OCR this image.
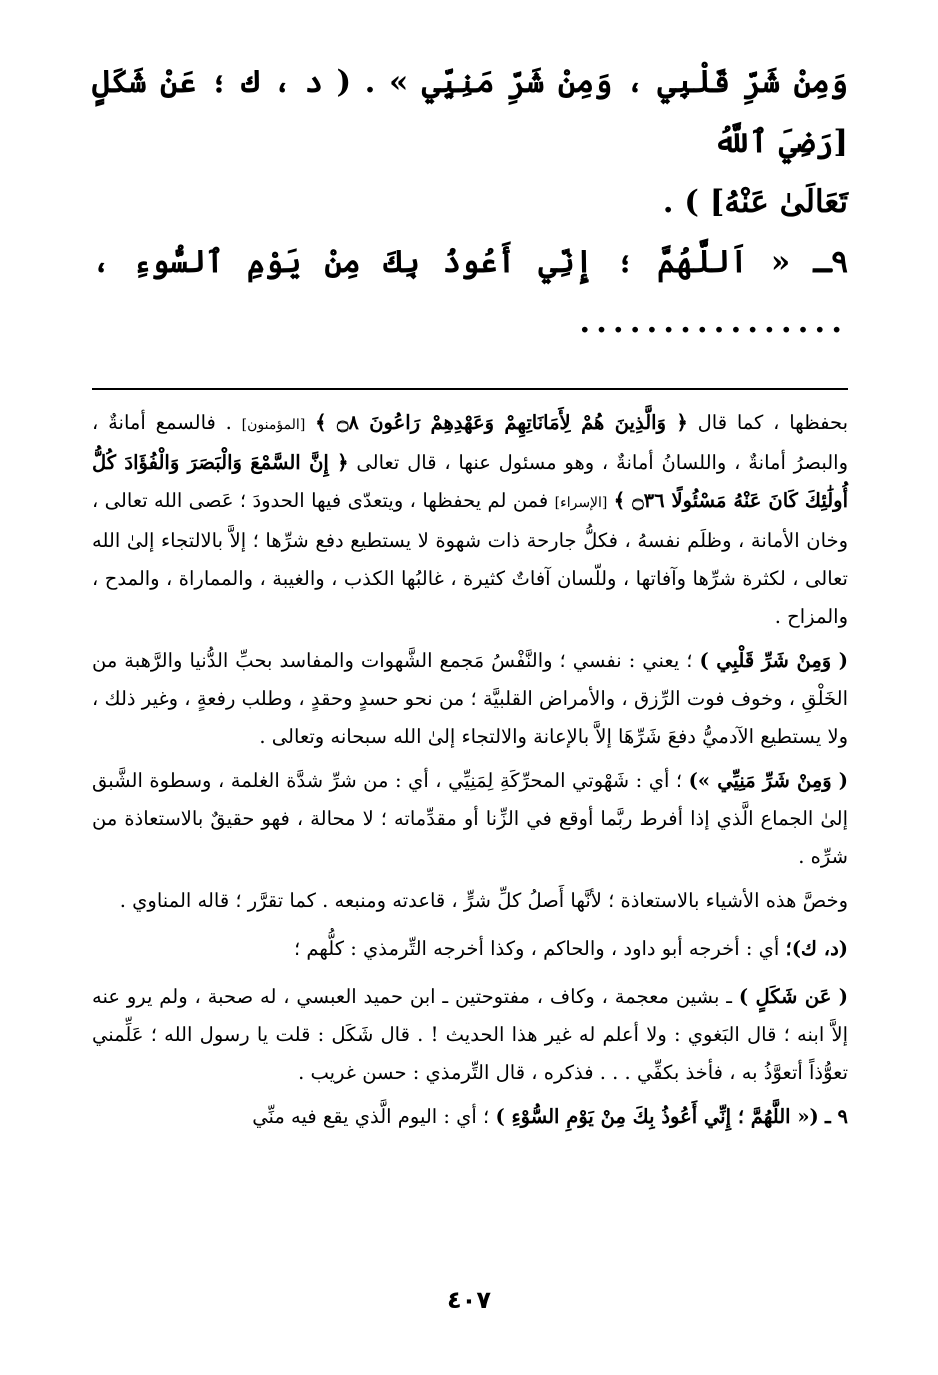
وَمِنْ شَرِّ قَلْبِي ، وَمِنْ شَرِّ مَنِيِّي » . ( د ، ك ؛ عَنْ شَكَلٍ [رَضِيَ ٱللَّهُ

تَعَالَىٰ عَنْهُ] ) .

٩ـ « اَللَّهُمَّ ؛ إِنِّي أَعُوذُ بِكَ مِنْ يَوْمِ ٱلسُّوءِ ، ................

بحفظها ، كما قال ﴿ وَالَّذِينَ هُمْ لِأَمَانَاتِهِمْ وَعَهْدِهِمْ رَاعُونَ ۝٨ ﴾ [المؤمنون] . فالسمع أمانةٌ ، والبصرُ أمانةٌ ، واللسانُ أمانةٌ ، وهو مسئول عنها ، قال تعالى ﴿ إِنَّ السَّمْعَ وَالْبَصَرَ وَالْفُؤَادَ كُلُّ أُولَٰئِكَ كَانَ عَنْهُ مَسْئُولًا ۝٣٦ ﴾ [الإسراء] فمن لم يحفظها ، ويتعدّى فيها الحدودَ ؛ عَصى الله تعالى ، وخان الأمانة ، وظلَم نفسهُ ، فكلُّ جارحة ذات شهوة لا يستطيع دفع شرِّها ؛ إلاَّ بالالتجاء إلىٰ الله تعالى ، لكثرة شرِّها وآفاتها ، وللّسان آفاتٌ كثيرة ، غالبُها الكذب ، والغيبة ، والمماراة ، والمدح ، والمزاح .

( وَمِنْ شَرِّ قَلْبِي ) ؛ يعني : نفسي ؛ والنَّفْسُ مَجمع الشَّهوات والمفاسد بحبِّ الدُّنيا والرَّهبة من الخَلْقِ ، وخوف فوت الرِّزق ، والأمراض القلبيَّة ؛ من نحو حسدٍ وحقدٍ ، وطلب رفعةٍ ، وغير ذلك ، ولا يستطيع الآدميُّ دفعَ شَرِّهَا إلاَّ بالإعانة والالتجاء إلىٰ الله سبحانه وتعالى .

( وَمِنْ شَرِّ مَنِيِّي ») ؛ أي : شَهْوتي المحرِّكَةِ لِمَنِيِّي ، أي : من شرِّ شدَّة الغلمة ، وسطوة الشَّبق إلىٰ الجماع الَّذي إذا أفرط ربَّما أوقع في الزِّنا أو مقدِّماته ؛ لا محالة ، فهو حقيقٌ بالاستعاذة من شرِّه .

وخصَّ هذه الأشياء بالاستعاذة ؛ لأنَّها أَصلُ كلِّ شرٍّ ، قاعدته ومنبعه . كما تقرَّر ؛ قاله المناوي .

(د، ك)؛ أي : أخرجه أبو داود ، والحاكم ، وكذا أخرجه التِّرمذي : كلُّهم ؛

( عَن شَكَلٍ ) ـ بشين معجمة ، وكاف ، مفتوحتين ـ ابن حميد العبسي ، له صحبة ، ولم يرو عنه إلاَّ ابنه ؛ قال البَغوي : ولا أعلم له غير هذا الحديث ! . قال شَكَل : قلت يا رسول الله ؛ عَلِّمني تعوُّذاً أتعوَّذُ به ، فأخذ بكفِّي . . . فذكره ، قال التِّرمذي : حسن غريب .

٩ ـ (« اللَّهُمَّ ؛ إِنِّي أَعُوذُ بِكَ مِنْ يَوْمِ السُّوْءِ ) ؛ أي : اليوم الَّذي يقع فيه منِّي

٤٠٧
